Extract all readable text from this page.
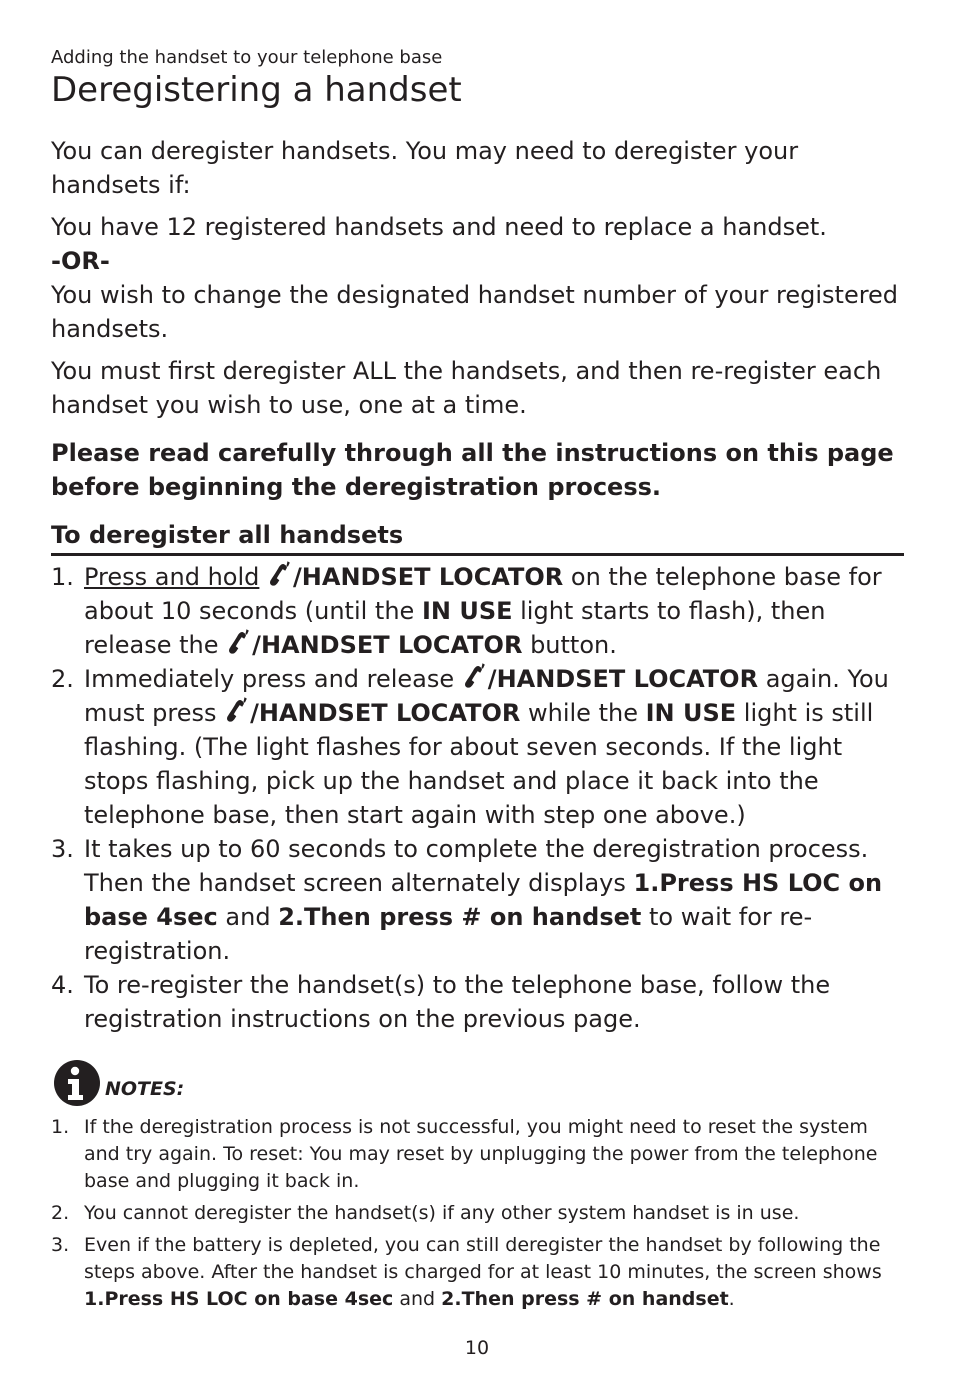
Adding the handset to your telephone base

Deregistering a handset

You can deregister handsets. You may need to deregister your handsets if:

You have 12 registered handsets and need to replace a handset.
-OR-
You wish to change the designated handset number of your registered handsets.

You must first deregister ALL the handsets, and then re-register each handset you wish to use, one at a time.

Please read carefully through all the instructions on this page before beginning the deregistration process.

To deregister all handsets
1. Press and hold /HANDSET LOCATOR on the telephone base for about 10 seconds (until the IN USE light starts to flash), then release the /HANDSET LOCATOR button.
2. Immediately press and release /HANDSET LOCATOR again. You must press /HANDSET LOCATOR while the IN USE light is still flashing. (The light flashes for about seven seconds. If the light stops flashing, pick up the handset and place it back into the telephone base, then start again with step one above.)
3. It takes up to 60 seconds to complete the deregistration process. Then the handset screen alternately displays 1.Press HS LOC on base 4sec and 2.Then press # on handset to wait for re-registration.
4. To re-register the handset(s) to the telephone base, follow the registration instructions on the previous page.
NOTES:
1. If the deregistration process is not successful, you might need to reset the system and try again. To reset: You may reset by unplugging the power from the telephone base and plugging it back in.
2. You cannot deregister the handset(s) if any other system handset is in use.
3. Even if the battery is depleted, you can still deregister the handset by following the steps above. After the handset is charged for at least 10 minutes, the screen shows 1.Press HS LOC on base 4sec and 2.Then press # on handset.
10
